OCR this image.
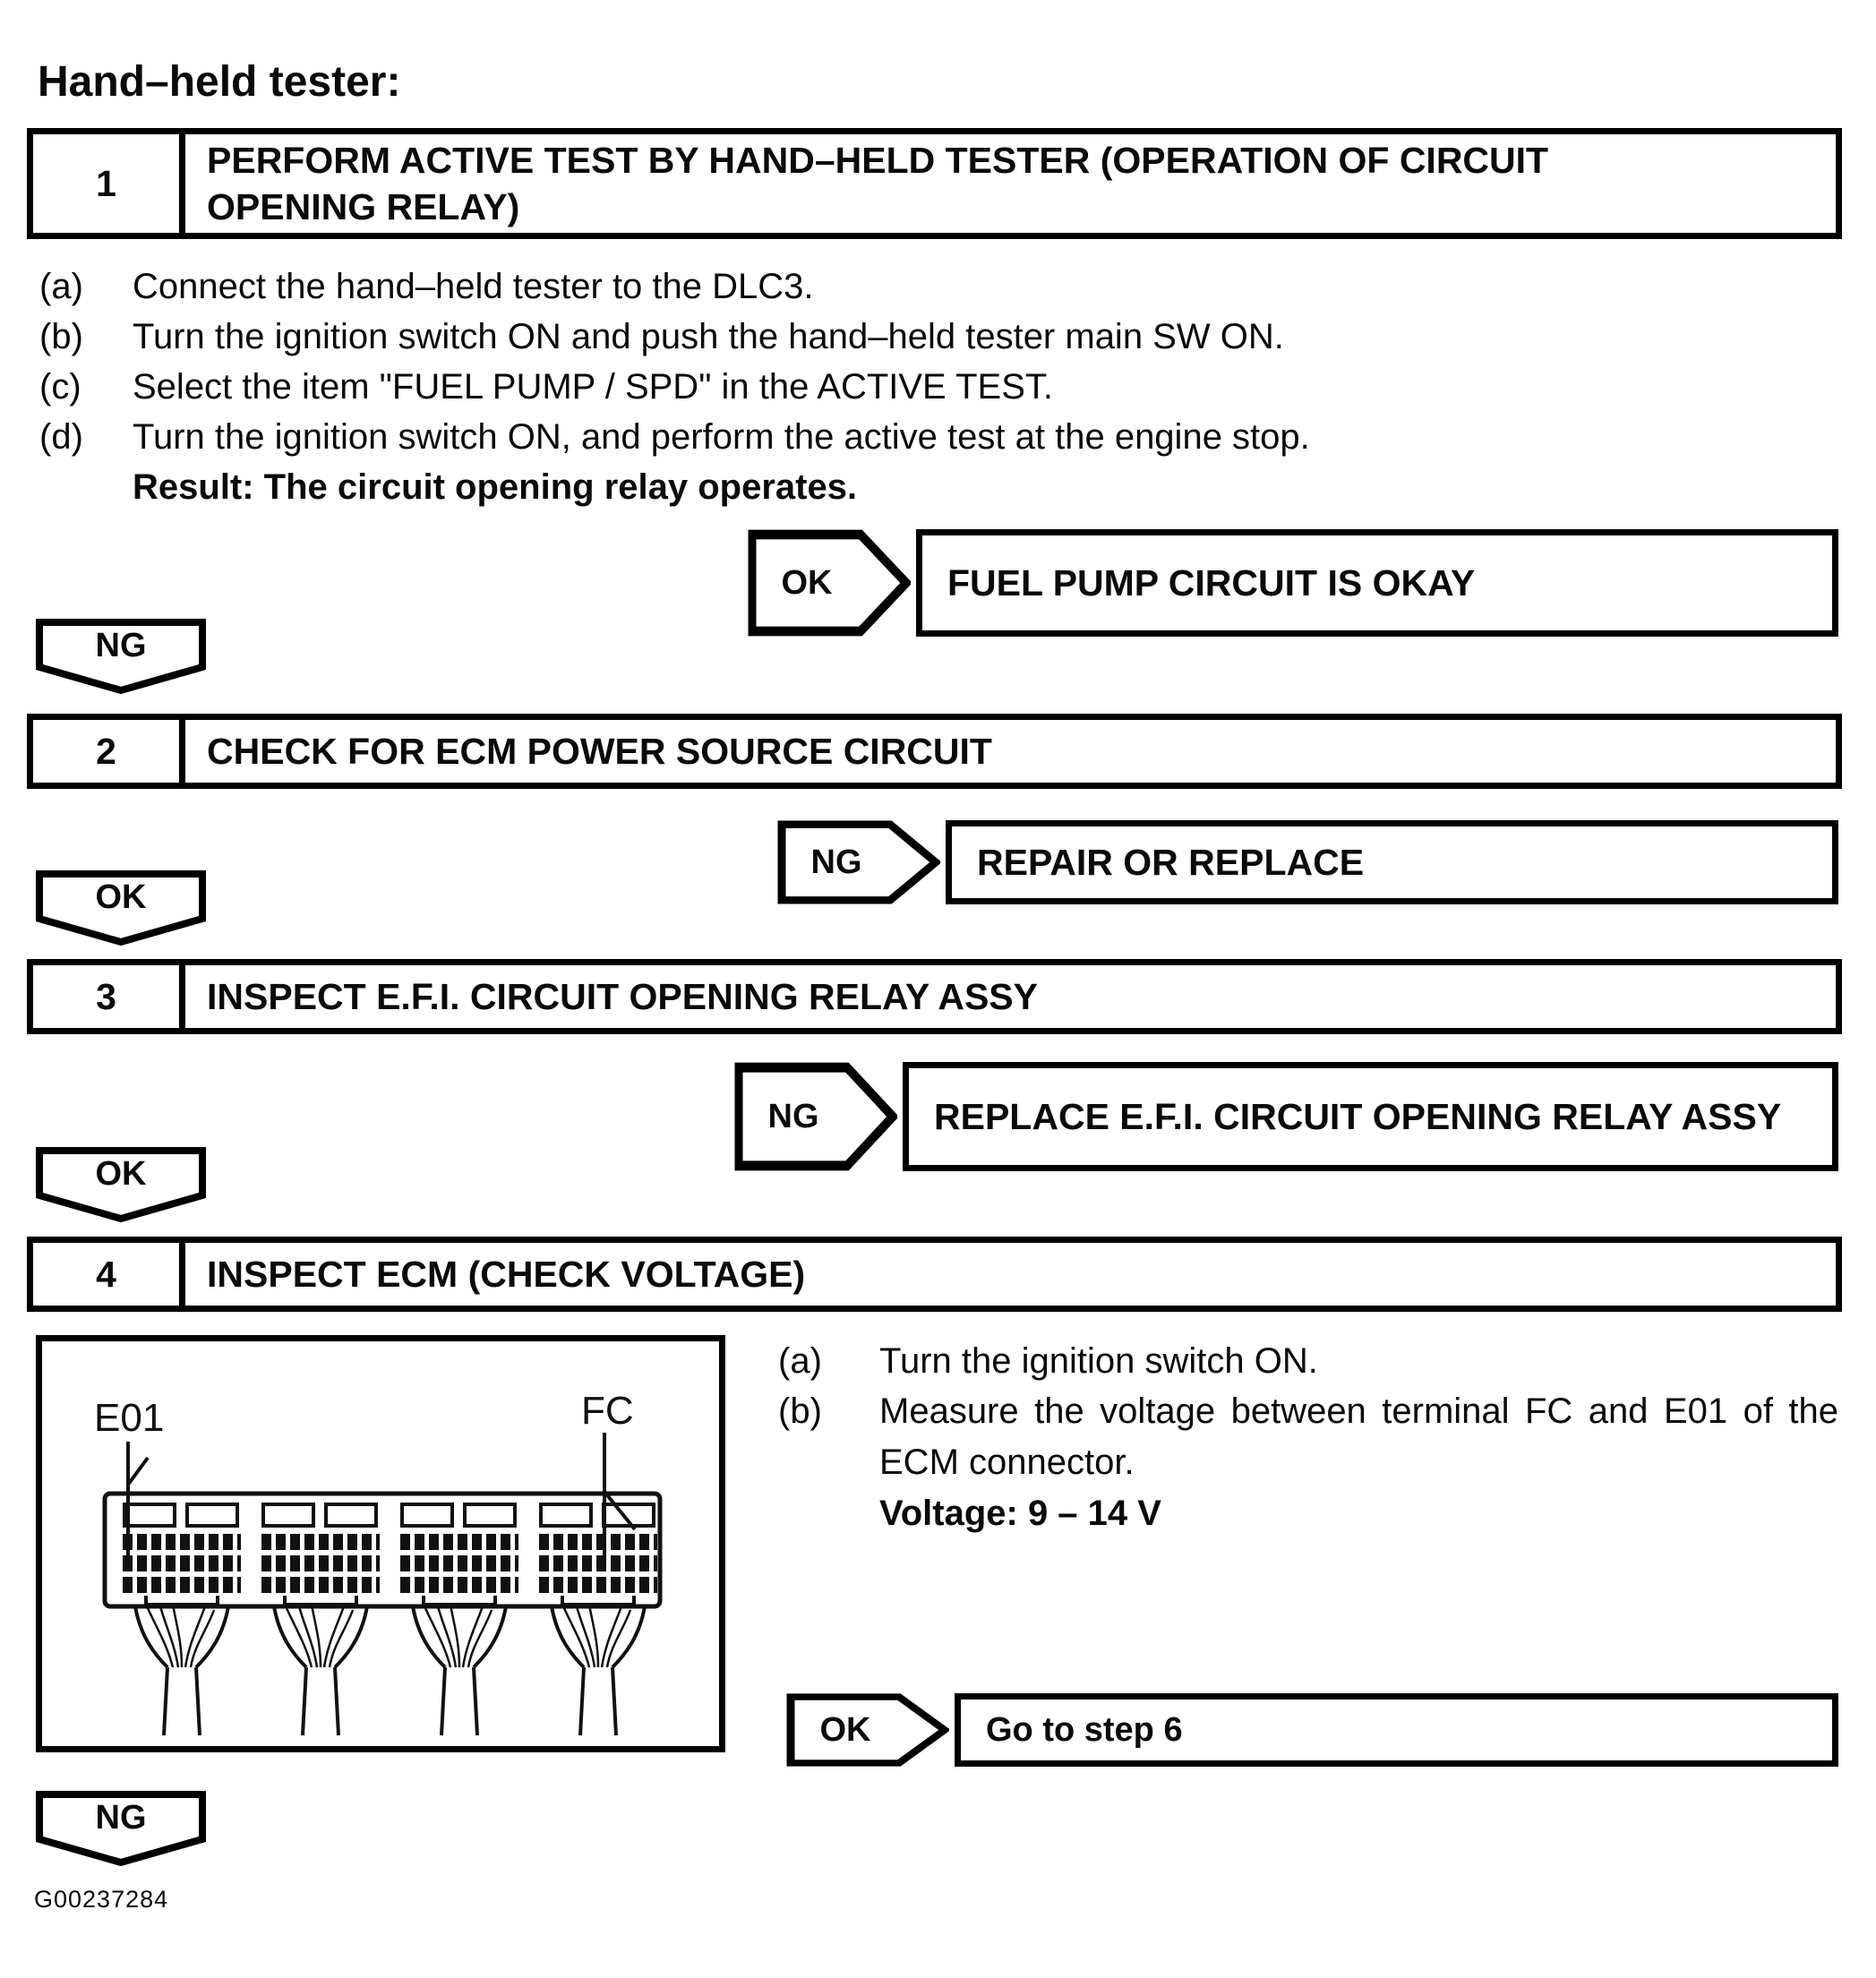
Hand–held tester:
1
PERFORM ACTIVE TEST BY HAND–HELD TESTER (OPERATION OF CIRCUIT OPENING RELAY)
(a)	Connect the hand–held tester to the DLC3.
(b)	Turn the ignition switch ON and push the hand–held tester main SW ON.
(c)	Select the item "FUEL PUMP / SPD" in the ACTIVE TEST.
(d)	Turn the ignition switch ON, and perform the active test at the engine stop.
Result: The circuit opening relay operates.
OK	FUEL PUMP CIRCUIT IS OKAY
NG
2	CHECK FOR ECM POWER SOURCE CIRCUIT
NG	REPAIR OR REPLACE
OK
3	INSPECT E.F.I. CIRCUIT OPENING RELAY ASSY
NG	REPLACE E.F.I. CIRCUIT OPENING RELAY ASSY
OK
4	INSPECT ECM (CHECK VOLTAGE)
E01	FC
(a)	Turn the ignition switch ON.
(b)	Measure the voltage between terminal FC and E01 of the ECM connector.
Voltage: 9 – 14 V
OK	Go to step 6
NG
G00237284
